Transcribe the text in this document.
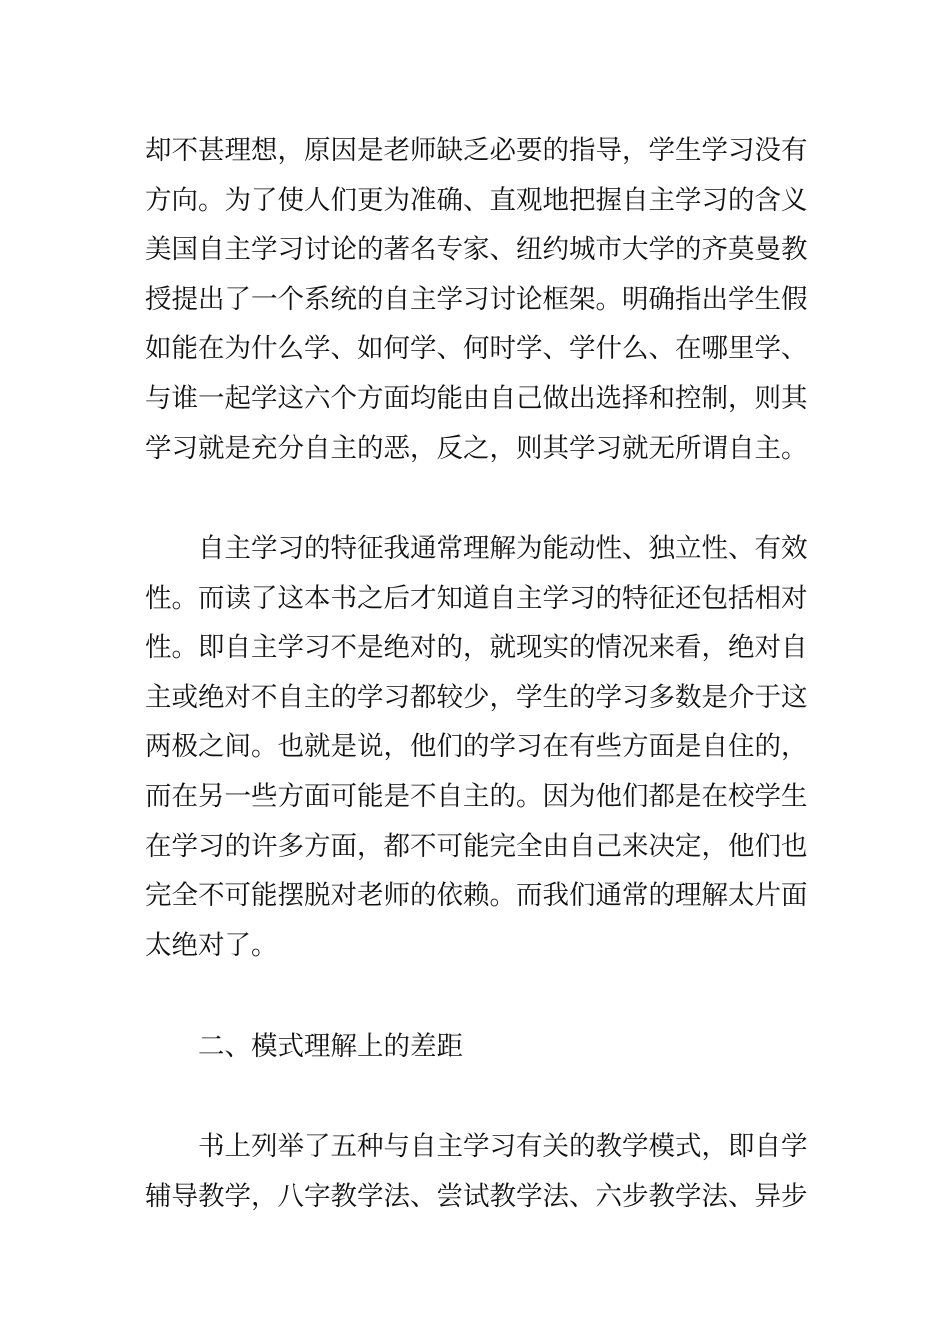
却不甚理想，原因是老师缺乏必要的指导，学生学习没有
方向。为了使人们更为准确、直观地把握自主学习的含义
美国自主学习讨论的著名专家、纽约城市大学的齐莫曼教
授提出了一个系统的自主学习讨论框架。明确指出学生假
如能在为什么学、如何学、何时学、学什么、在哪里学、
与谁一起学这六个方面均能由自己做出选择和控制，则其
学习就是充分自主的恶，反之，则其学习就无所谓自主。

自主学习的特征我通常理解为能动性、独立性、有效
性。而读了这本书之后才知道自主学习的特征还包括相对
性。即自主学习不是绝对的，就现实的情况来看，绝对自
主或绝对不自主的学习都较少，学生的学习多数是介于这
两极之间。也就是说，他们的学习在有些方面是自住的，
而在另一些方面可能是不自主的。因为他们都是在校学生
在学习的许多方面，都不可能完全由自己来决定，他们也
完全不可能摆脱对老师的依赖。而我们通常的理解太片面
太绝对了。

二、模式理解上的差距

书上列举了五种与自主学习有关的教学模式，即自学
辅导教学，八字教学法、尝试教学法、六步教学法、异步
